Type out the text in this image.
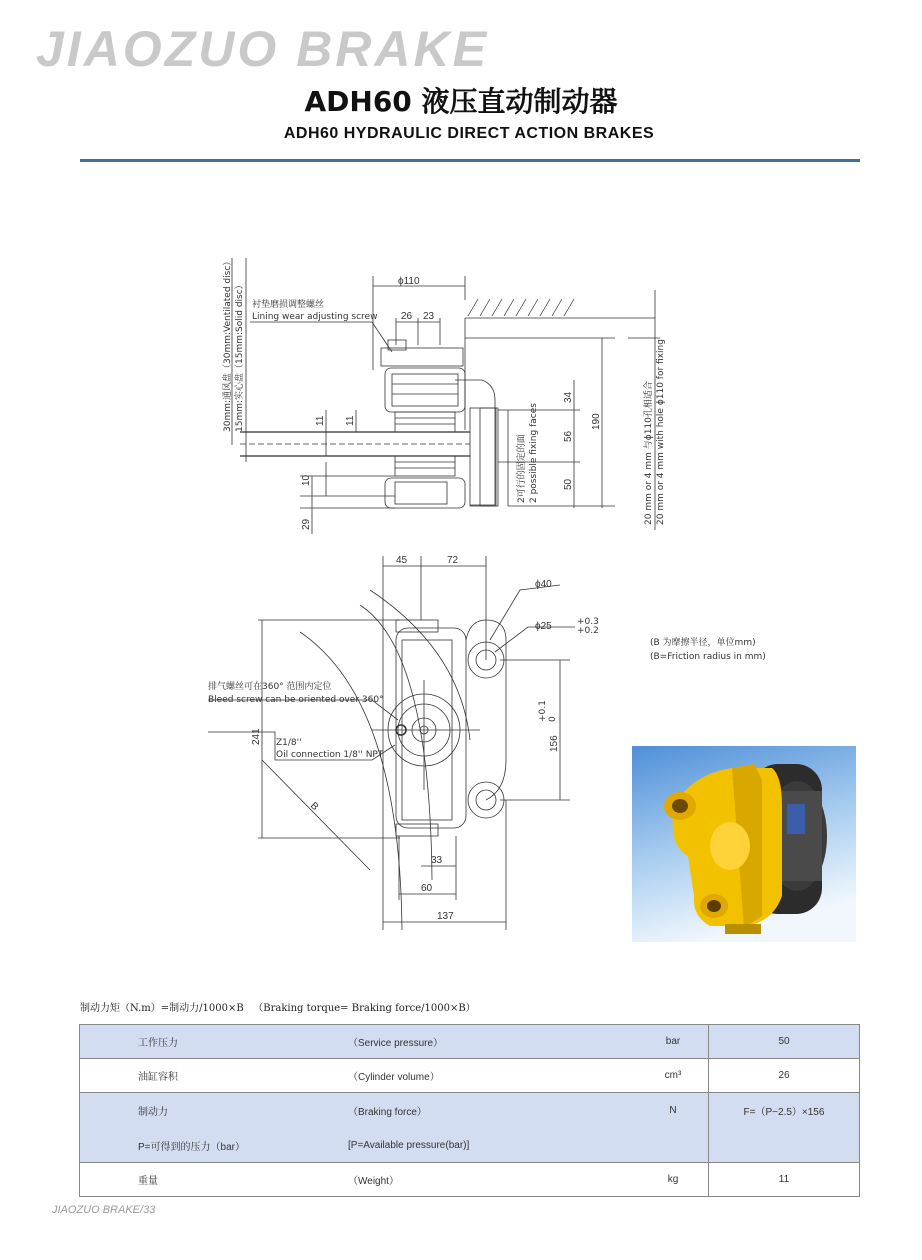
JIAOZUO BRAKE
ADH60 液压直动制动器
ADH60 HYDRAULIC DIRECT ACTION BRAKES
ϕ110
26 23
衬垫磨损调整螺丝
Lining wear adjusting screw
30mm:通风盘（30mm:Ventilated disc） 15mm:实心盘（15mm:Solid disc）	11 11
10
29
34
56
50
190
2可行的固定的面 2 possible fixing faces	20 mm or 4 mm 与ϕ110孔相适合 20 mm or 4 mm with hole ϕ110 for fixing
45	72
ϕ40
ϕ25	+0.3
+0.2
(B 为摩擦半径，单位mm)
(B=Friction radius in mm)
排气螺丝可在360° 范围内定位
Bleed screw can be oriented over 360°
241 Z1/8''
Oil connection 1/8'' NPT
+0.1 0
156
B
33
60
137
制动力矩（N.m）=制动力/1000×B   （Braking torque= Braking force/1000×B）
工作压力	（Service pressure）	bar	50
油缸容积	（Cylinder volume）	cm³	26
制动力	（Braking force）	N	F=（P−2.5）×156
P=可得到的压力（bar）	[P=Available pressure(bar)]		
重量	（Weight）	kg	11
JIAOZUO BRAKE/33
